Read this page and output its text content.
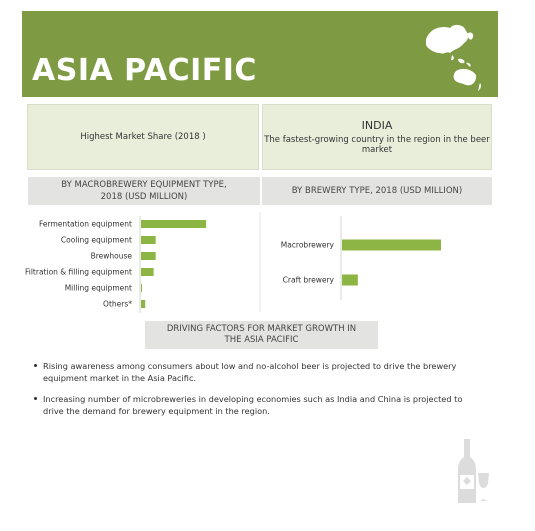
ASIA PACIFIC
Highest Market Share (2018 )
INDIA
The fastest-growing country in the region in the beer market
BY MACROBREWERY EQUIPMENT TYPE,
2018 (USD MILLION)
BY BREWERY TYPE, 2018 (USD MILLION)
Fermentation equipment
Cooling equipment
Brewhouse
Filtration & filling equipment
Milling equipment
Others*
Macrobrewery
Craft brewery
DRIVING FACTORS FOR MARKET GROWTH IN
THE ASIA PACIFIC
Rising awareness among consumers about low and no-alcohol beer is projected to drive the brewery equipment market in the Asia Pacific.
Increasing number of microbreweries in developing economies such as India and China is projected to drive the demand for brewery equipment in the region.
